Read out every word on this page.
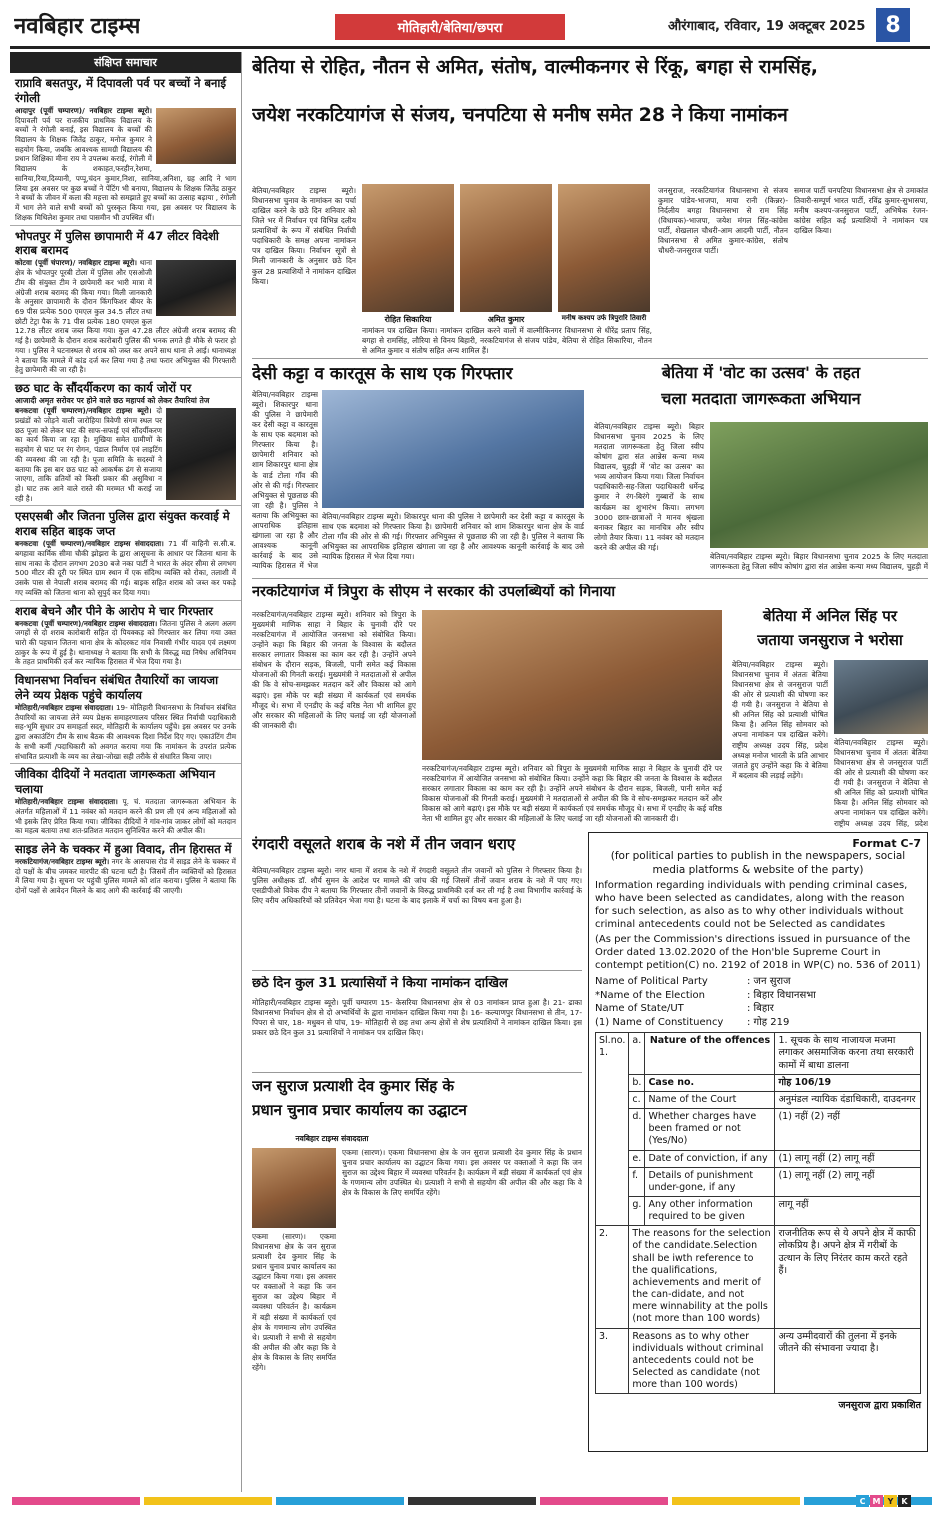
नवबिहार टाइम्स	मोतिहारी/बेतिया/छपरा	औरंगाबाद, रविवार, 19 अक्टूबर 2025 8
संक्षिप्त समाचार
राप्रावि बसतपुर, में दिपावली पर्व पर बच्चों ने बनाई रंगोली

आदापुर (पूर्वी चम्पारण)/ नवबिहार टाइम्स ब्यूरो। दिपावली पर्व पर राजकीय प्राथमिक विद्यालय के बच्चों ने रंगोली बनाई, इस विद्यालय के बच्चों की विद्यालय के शिक्षक जितेंद्र ठाकुर, मनोज कुमार ने सहयोग किया, जबकि आवश्यक सामग्री विद्यालय की प्रधान शिक्षिका मीना राय ने उपलब्ध कराई, रंगोली में विद्यालय के शकाहत,फरहीन,रेशमा, सानिया,रिया,दिव्यानी, पप्पू,चंदन कुमार,निशा, सानिया,अनिशा, ग्रह आदि ने भाग लिया इस अवसर पर कुछ बच्चों ने पेंटिंग भी बनाया, विद्यालय के शिक्षक जितेंद्र ठाकुर ने बच्चों के जीवन में कला की महत्ता को समझाते हुए बच्चों का उत्साह बढ़ाया , रंगोली में भाग लेने वाले सभी बच्चों को पुरस्कृत किया गया, इस अवसर पर विद्यालय के शिक्षक मिथिलेश कुमार तथा पासमीन भी उपस्थित थीं।

भोपतपुर में पुलिस छापामारी में 47 लीटर विदेशी शराब बरामद

कोटवा (पूर्वी चंपारण)/ नवबिहार टाइम्स ब्यूरो। थाना क्षेत्र के भोपतपुर पूरबी टोला में पुलिस और एसओजी टीम की संयुक्त टीम ने छापेमारी कर भारी मात्रा में अंग्रेजी शराब बरामद की किया गया। मिली जानकारी के अनुसार छापामारी के दौरान किंगफिशर बीयर के 69 पीस प्रत्येक 500 एमएल कुल 34.5 लीटर तथा छोटी टेट्रा पैक के 71 पीस प्रत्येक 180 एमएल कुल 12.78 लीटर शराब जब्त किया गया। कुल 47.28 लीटर अंग्रेजी शराब बरामद की गई है। छापेमारी के दौरान शराब कारोबारी पुलिस की भनक लगते ही मौके से फरार हो गया । पुलिस ने घटनास्थल से शराब को जब्त कर अपने साथ थाना ले आई। थानाध्यक्ष ने बताया कि मामले में कांड दर्ज कर लिया गया है तथा फरार अभियुक्त की गिरफ्तारी हेतु छापेमारी की जा रही है।

छठ घाट के सौंदर्यीकरण का कार्य जोरों पर

आजादी अमृत सरोवर पर होने वाले छठ महापर्व को लेकर तैयारियां तेज

बनकटवा (पूर्वी चम्पारण)/नवबिहार टाइम्स ब्यूरो। दो प्रखंडों को जोड़ने वाली जारोहिया त्रिवेणी संगम स्थल पर छठ पूजा को लेकर घाट की साफ-सफाई एवं सौंदर्यीकरण का कार्य किया जा रहा है। मुखिया समेत ग्रामीणों के सहयोग से घाट पर रंग रोगन, पंडाल निर्माण एवं लाइटिंग की व्यवस्था की जा रही है। पूजा समिति के सदस्यों ने बताया कि इस बार छठ घाट को आकर्षक ढंग से सजाया जाएगा, ताकि व्रतियों को किसी प्रकार की असुविधा न हो। घाट तक आने वाले रास्ते की मरम्मत भी कराई जा रही है।

एसएसबी और जितना पुलिस द्वारा संयुक्त करवाई मे शराब सहित बाइक जप्त

बनकटवा (पूर्वी चम्पारण)/नवबिहार टाइम्स संवाददाता। 71 वीं वाहिनी स.सी.ब. बगहावा कार्मिक सीमा चौकी झोझरा के द्वारा आसूचना के आधार पर जितना थाना के साथ नाका के दौरान लगभग 2030 बजे नका पार्टी ने भारत के अंदर सीमा से लगभग 500 मीटर की दूरी पर स्थित ग्राम स्थान में एक संदिग्ध व्यक्ति को रोका, तलाशी में उसके पास से नेपाली शराब बरामद की गई। बाइक सहित शराब को जब्त कर पकड़े गए व्यक्ति को जितना थाना को सुपुर्द कर दिया गया।

शराब बेचने और पीने के आरोप मे चार गिरफ्तार

बनकटवा (पूर्वी चम्पारण)/नवबिहार टाइम्स संवाददाता। जितना पुलिस ने अलग अलग जगहों से दो शराब कारोबारी सहित दो पियक्कड़ को गिरफ्तार कर लिया गया उक्त चारो की पहचान जितना थाना क्षेत्र के कोदरकट गांव निवासी गंभीर यादव एवं लक्ष्मण ठाकुर के रूप में हुई है। थानाध्यक्ष ने बताया कि सभी के विरुद्ध मद्य निषेध अधिनियम के तहत प्राथमिकी दर्ज कर न्यायिक हिरासत में भेज दिया गया है।

विधानसभा निर्वाचन संबंधित तैयारियों का जायजा लेने व्यय प्रेक्षक पहुंचे कार्यालय

मोतिहारी/नवबिहार टाइम्स संवाददाता। 19- मोतिहारी विधानसभा के निर्वाचन संबंधित तैयारियों का जायजा लेने व्यय प्रेक्षक समाहरणालय परिसर स्थित निर्वाची पदाधिकारी सह-भूमि सुधार उप समाहर्ता सदर, मोतिहारी के कार्यालय पहुँचे। इस अवसर पर उनके द्वारा अकाउंटिंग टीम के साथ बैठक की आवश्यक दिशा निर्देश दिए गए। एकाउंटिंग टीम के सभी कर्मी /पदाधिकारी को अवगत कराया गया कि नामांकन के उपरांत प्रत्येक संभावित प्रत्याशी के व्यय का लेखा-जोखा सही तरीके से संधारित किया जाए।

जीविका दीदियों ने मतदाता जागरूकता अभियान चलाया

मोतिहारी/नवबिहार टाइम्स संवाददाता। पू. चं. मतदाता जागरूकता अभियान के अंतर्गत महिलाओं में 11 नवंबर को मतदान करने की प्रण ली एवं अन्य महिलाओं को भी इसके लिए प्रेरित किया गया। जीविका दीदियों ने गांव-गांव जाकर लोगों को मतदान का महत्व बताया तथा शत-प्रतिशत मतदान सुनिश्चित करने की अपील की।

साइड लेने के चक्कर में हुआ विवाद, तीन हिरासत में

नरकटियागंज/नवबिहार टाइम्स ब्यूरो। नगर के आसपास रोड में साइड लेने के चक्कर में दो पक्षों के बीच जमकर मारपीट की घटना घटी है। जिसमें तीन व्यक्तियों को हिरासत में लिया गया है। सूचना पर पहुंची पुलिस मामले को शांत कराया। पुलिस ने बताया कि दोनों पक्षों से आवेदन मिलने के बाद आगे की कार्रवाई की जाएगी।

बेतिया से रोहित, नौतन से अमित, संतोष, वाल्मीकनगर से रिंकू, बगहा से रामसिंह,
जयेश नरकटियागंज से संजय, चनपटिया से मनीष समेत 28 ने किया नामांकन
बेतिया/नवबिहार टाइम्स ब्यूरो। विधानसभा चुनाव के नामांकन का पर्चा दाखिल करने के छठे दिन शनिवार को जिले भर में निर्वाचन एवं विभिन्न दलीय प्रत्याशियों के रूप में संबंधित निर्वाची पदाधिकारी के समक्ष अपना नामांकन पत्र दाखिल किया। निर्वाचन सूत्रों से मिली जानकारी के अनुसार छठे दिन कुल 28 प्रत्याशियों ने नामांकन दाखिल किया।
रोहित सिकारिया	अमित कुमार	मनीष कश्यप उर्फ त्रिपुरारि तिवारी
नामांकन पत्र दाखिल किया। नामांकन दाखिल करने वालों में वाल्मीकिनगर विधानसभा से धीरेंद्र प्रताप सिंह, बगहा से रामसिंह, लौरिया से विनय बिहारी, नरकटियागंज से संजय पांडेय, बेतिया से रोहित सिकारिया, नौतन से अमित कुमार व संतोष सहित अन्य शामिल हैं।
जनसुराज, नरकटियागंज विधानसभा से संजय कुमार पांडेय-भाजपा, माया रानी (किन्नर)-निर्दलीय बगहा विधानसभा से राम सिंह (विधायक)-भाजपा, जयेश मंगल सिंह-कांग्रेस पार्टी, शेखलाल चौधरी-आम आदमी पार्टी, नौतन विधानसभा से अमित कुमार-कांग्रेस, संतोष चौधरी-जनसुराज पार्टी।
समाज पार्टी चनपटिया विधानसभा क्षेत्र से उमाकांत तिवारी-सम्पूर्ण भारत पार्टी, रविंद्र कुमार-सुभासपा, मनीष कश्यप-जनसुराज पार्टी, अभिषेक रंजन-कांग्रेस सहित कई प्रत्याशियों ने नामांकन पत्र दाखिल किया।
देसी कट्टा व कारतूस के साथ एक गिरफ्तार
बेतिया/नवबिहार टाइम्स ब्यूरो। शिकारपुर थाना की पुलिस ने छापेमारी कर देसी कट्टा व कारतूस के साथ एक बदमाश को गिरफ्तार किया है। छापेमारी शनिवार को शाम शिकारपुर थाना क्षेत्र के वार्ड टोला गाँव की ओर से की गई। गिरफ्तार अभियुक्त से पूछताछ की जा रही है। पुलिस ने बताया कि अभियुक्त का आपराधिक इतिहास खंगाला जा रहा है और आवश्यक कानूनी कार्रवाई के बाद उसे न्यायिक हिरासत में भेज
बेतिया/नवबिहार टाइम्स ब्यूरो। शिकारपुर थाना की पुलिस ने छापेमारी कर देसी कट्टा व कारतूस के साथ एक बदमाश को गिरफ्तार किया है। छापेमारी शनिवार को शाम शिकारपुर थाना क्षेत्र के वार्ड टोला गाँव की ओर से की गई। गिरफ्तार अभियुक्त से पूछताछ की जा रही है। पुलिस ने बताया कि अभियुक्त का आपराधिक इतिहास खंगाला जा रहा है और आवश्यक कानूनी कार्रवाई के बाद उसे न्यायिक हिरासत में भेज दिया गया।
बेतिया में 'वोट का उत्सव' के तहत
चला मतदाता जागरूकता अभियान
बेतिया/नवबिहार टाइम्स ब्यूरो। बिहार विधानसभा चुनाव 2025 के लिए मतदाता जागरूकता हेतु जिला स्वीप कोषांग द्वारा संत आन्नेस कन्या मध्य विद्यालय, चुहड़ी में 'वोट का उत्सव' का भव्य आयोजन किया गया। जिला निर्वाचन पदाधिकारी-सह-जिला पदाधिकारी धर्मेन्द्र कुमार ने रंग-बिरंगे गुब्बारों के साथ कार्यक्रम का शुभारंभ किया। लगभग 3000 छात्र-छात्राओं ने मानव श्रृंखला बनाकर बिहार का मानचित्र और स्वीप लोगो तैयार किया। 11 नवंबर को मतदान करने की अपील की गई।
बेतिया/नवबिहार टाइम्स ब्यूरो। बिहार विधानसभा चुनाव 2025 के लिए मतदाता जागरूकता हेतु जिला स्वीप कोषांग द्वारा संत आन्नेस कन्या मध्य विद्यालय, चुहड़ी में
नरकटियागंज में त्रिपुरा के सीएम ने सरकार की उपलब्धियों को गिनाया
नरकटियागंज/नवबिहार टाइम्स ब्यूरो। शनिवार को त्रिपुरा के मुख्यमंत्री माणिक साहा ने बिहार के चुनावी दौरे पर नरकटियागंज में आयोजित जनसभा को संबोधित किया। उन्होंने कहा कि बिहार की जनता के विश्वास के बदौलत सरकार लगातार विकास का काम कर रही है। उन्होंने अपने संबोधन के दौरान सड़क, बिजली, पानी समेत कई विकास योजनाओं की गिनती कराई। मुख्यमंत्री ने मतदाताओं से अपील की कि वे सोच-समझकर मतदान करें और विकास को आगे बढ़ाएं। इस मौके पर बड़ी संख्या में कार्यकर्ता एवं समर्थक मौजूद थे। सभा में एनडीए के कई वरिष्ठ नेता भी शामिल हुए और सरकार की महिलाओं के लिए चलाई जा रही योजनाओं की जानकारी दी।
नरकटियागंज/नवबिहार टाइम्स ब्यूरो। शनिवार को त्रिपुरा के मुख्यमंत्री माणिक साहा ने बिहार के चुनावी दौरे पर नरकटियागंज में आयोजित जनसभा को संबोधित किया। उन्होंने कहा कि बिहार की जनता के विश्वास के बदौलत सरकार लगातार विकास का काम कर रही है। उन्होंने अपने संबोधन के दौरान सड़क, बिजली, पानी समेत कई विकास योजनाओं की गिनती कराई। मुख्यमंत्री ने मतदाताओं से अपील की कि वे सोच-समझकर मतदान करें और विकास को आगे बढ़ाएं। इस मौके पर बड़ी संख्या में कार्यकर्ता एवं समर्थक मौजूद थे। सभा में एनडीए के कई वरिष्ठ नेता भी शामिल हुए और सरकार की महिलाओं के लिए चलाई जा रही योजनाओं की जानकारी दी।
बेतिया में अनिल सिंह पर
जताया जनसुराज ने भरोसा
बेतिया/नवबिहार टाइम्स ब्यूरो। विधानसभा चुनाव में अंततः बेतिया विधानसभा क्षेत्र से जनसुराज पार्टी की ओर से प्रत्याशी की घोषणा कर दी गयी है। जनसुराज ने बेतिया से श्री अनिल सिंह को प्रत्याशी घोषित किया है। अनिल सिंह सोमवार को अपना नामांकन पत्र दाखिल करेंगे। राष्ट्रीय अध्यक्ष उदय सिंह, प्रदेश अध्यक्ष मनोज भारती के प्रति आभार जताते हुए उन्होंने कहा कि वे बेतिया में बदलाव की लड़ाई लड़ेंगे।
बेतिया/नवबिहार टाइम्स ब्यूरो। विधानसभा चुनाव में अंततः बेतिया विधानसभा क्षेत्र से जनसुराज पार्टी की ओर से प्रत्याशी की घोषणा कर दी गयी है। जनसुराज ने बेतिया से श्री अनिल सिंह को प्रत्याशी घोषित किया है। अनिल सिंह सोमवार को अपना नामांकन पत्र दाखिल करेंगे। राष्ट्रीय अध्यक्ष उदय सिंह, प्रदेश
रंगदारी वसूलते शराब के नशे में तीन जवान धराए
बेतिया/नवबिहार टाइम्स ब्यूरो। नगर थाना में शराब के नशे में रंगदारी वसूलते तीन जवानों को पुलिस ने गिरफ्तार किया है। पुलिस अधीक्षक डॉ. शौर्य सुमन के आदेश पर मामले की जांच की गई जिसमें तीनों जवान शराब के नशे में पाए गए। एसडीपीओ विवेक दीप ने बताया कि गिरफ्तार तीनों जवानों के विरुद्ध प्राथमिकी दर्ज कर ली गई है तथा विभागीय कार्रवाई के लिए वरीय अधिकारियों को प्रतिवेदन भेजा गया है। घटना के बाद इलाके में चर्चा का विषय बना हुआ है।
छठे दिन कुल 31 प्रत्यासियों ने किया नामांकन दाखिल
मोतिहारी/नवबिहार टाइम्स ब्यूरो। पूर्वी चम्पारण 15- केसरिया विधानसभा क्षेत्र से 03 नामांकन प्राप्त हुआ है। 21- ढाका विधानसभा निर्वाचन क्षेत्र से दो अभ्यर्थियों के द्वारा नामांकन दाखिल किया गया है। 16- कल्याणपुर विधानसभा से तीन, 17- पिपरा से चार, 18- मधुबन से पांच, 19- मोतिहारी से छह तथा अन्य क्षेत्रों से शेष प्रत्याशियों ने नामांकन दाखिल किया। इस प्रकार छठे दिन कुल 31 प्रत्याशियों ने नामांकन पत्र दाखिल किए।
जन सुराज प्रत्याशी देव कुमार सिंह के
प्रधान चुनाव प्रचार कार्यालय का उद्घाटन
नवबिहार टाइम्स संवाददाता
एकमा (सारण)। एकमा विधानसभा क्षेत्र के जन सुराज प्रत्याशी देव कुमार सिंह के प्रधान चुनाव प्रचार कार्यालय का उद्घाटन किया गया। इस अवसर पर वक्ताओं ने कहा कि जन सुराज का उद्देश्य बिहार में व्यवस्था परिवर्तन है। कार्यक्रम में बड़ी संख्या में कार्यकर्ता एवं क्षेत्र के गणमान्य लोग उपस्थित थे। प्रत्याशी ने सभी से सहयोग की अपील की और कहा कि वे क्षेत्र के विकास के लिए समर्पित रहेंगे।
एकमा (सारण)। एकमा विधानसभा क्षेत्र के जन सुराज प्रत्याशी देव कुमार सिंह के प्रधान चुनाव प्रचार कार्यालय का उद्घाटन किया गया। इस अवसर पर वक्ताओं ने कहा कि जन सुराज का उद्देश्य बिहार में व्यवस्था परिवर्तन है। कार्यक्रम में बड़ी संख्या में कार्यकर्ता एवं क्षेत्र के गणमान्य लोग उपस्थित थे। प्रत्याशी ने सभी से सहयोग की अपील की और कहा कि वे क्षेत्र के विकास के लिए समर्पित रहेंगे।
Format C-7
(for political parties to publish in the newspapers, social media platforms & website of the party)
Information regarding individuals with pending criminal cases, who have been selected as candidates, along with the reason for such selection, as also as to why other individuals without criminal antecedents could not be Selected as candidates
(As per the Commission's directions issued in pursuance of the Order dated 13.02.2020 of the Hon'ble Supreme Court in contempt petition(C) no. 2192 of 2018 in WP(C) no. 536 of 2011)
Name of Political Party	: जन सुराज
*Name of the Election	: बिहार विधानसभा
Name of State/UT	: बिहार
(1) Name of Constituency	: गोह 219
Sl.no.
1.	a.	Nature of the offences	1. सूचक के साथ नाजायज मजमा लगाकर असमाजिक करना तथा सरकारी कामों में बाधा डालना
	b.	Case no.	गोह 106/19
	c.	Name of the Court	अनुमंडल न्यायिक दंडाधिकारी, दाउदनगर
	d.	Whether charges have been framed or not (Yes/No)	(1) नहीं (2) नहीं
	e.	Date of conviction, if any	(1) लागू नहीं (2) लागू नहीं
	f.	Details of punishment under-gone, if any	(1) लागू नहीं (2) लागू नहीं
	g.	Any other information required to be given	लागू नहीं
2.	The reasons for the selection of the candidate.Selection shall be iwth reference to the qualifications, achievements and merit of the can-didate, and not mere winnability at the polls (not more than 100 words)		राजनीतिक रूप से ये अपने क्षेत्र में काफी लोकप्रिय है। अपने क्षेत्र में गरीबों के उत्थान के लिए निरंतर काम करते रहते हैं।
3.	Reasons as to why other individuals without criminal antecedents could not be Selected as candidate (not more than 100 words)		अन्य उम्मीदवारों की तुलना में इनके जीतने की संभावना ज्यादा है।
जनसुराज द्वारा प्रकाशित
C M Y	K
